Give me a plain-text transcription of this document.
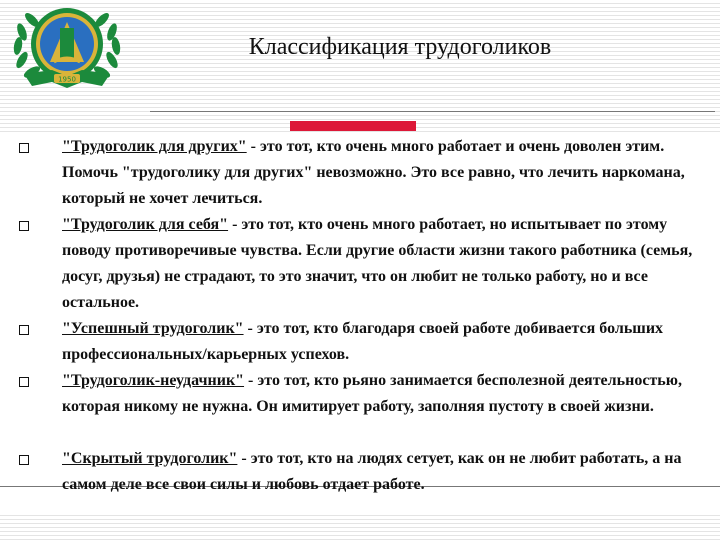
1950
Классификация трудоголиков
"Трудоголик для других" - это тот, кто очень много работает и очень доволен этим. Помочь "трудоголику для других" невозможно. Это все равно, что лечить наркомана, который не хочет лечиться.
"Трудоголик для себя" - это тот, кто очень много работает, но испытывает по этому поводу противоречивые чувства. Если другие области жизни такого работника (семья, досуг, друзья) не страдают, то это значит, что он любит не только работу, но и все остальное.
"Успешный трудоголик" - это тот, кто благодаря своей работе добивается больших профессиональных/карьерных успехов.
"Трудоголик-неудачник" - это тот, кто рьяно занимается бесполезной деятельностью, которая никому не нужна. Он имитирует работу, заполняя пустоту в своей жизни.
"Скрытый трудоголик" - это тот, кто на людях сетует, как он не любит работать, а на самом деле все свои силы и любовь отдает работе.
